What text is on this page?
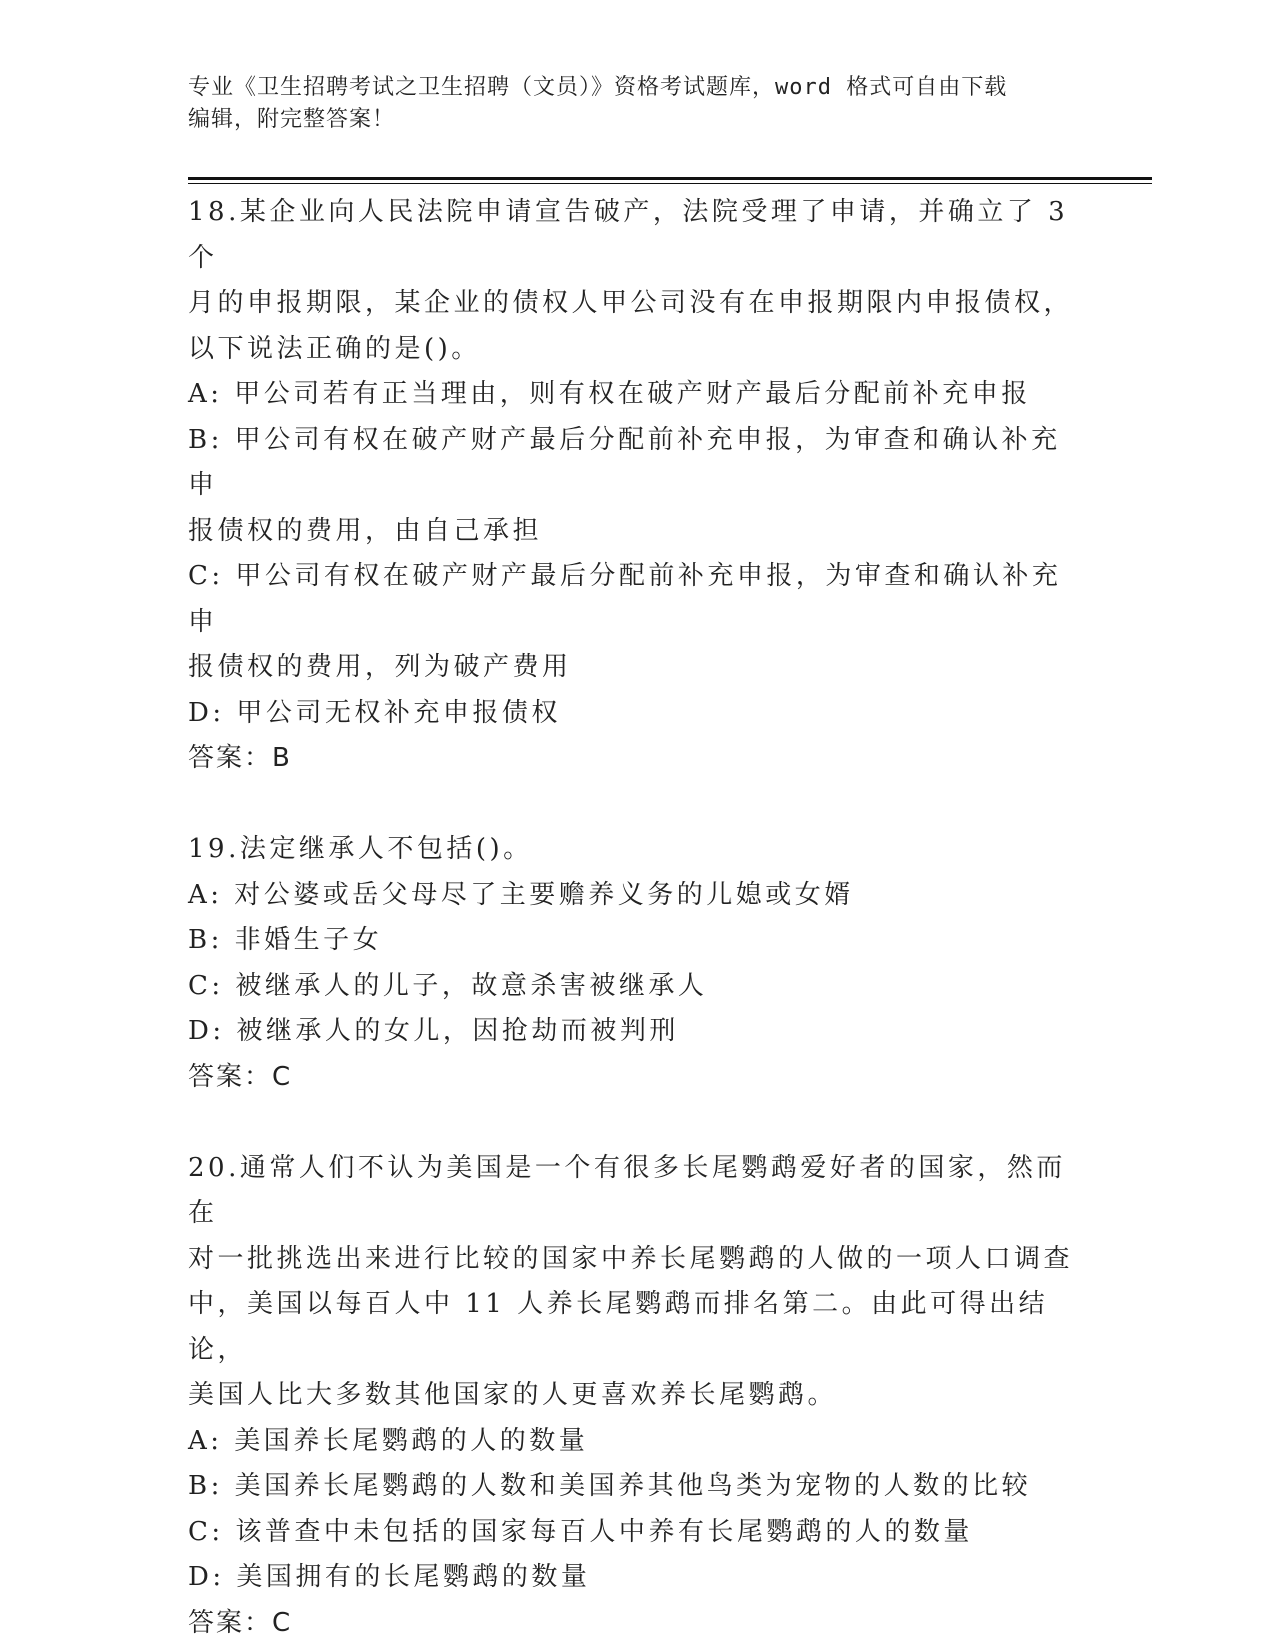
专业《卫生招聘考试之卫生招聘（文员）》资格考试题库，word 格式可自由下载
编辑，附完整答案！
18.某企业向人民法院申请宣告破产，法院受理了申请，并确立了 3 个
月的申报期限，某企业的债权人甲公司没有在申报期限内申报债权，
以下说法正确的是()。
A: 甲公司若有正当理由，则有权在破产财产最后分配前补充申报
B: 甲公司有权在破产财产最后分配前补充申报，为审查和确认补充申
报债权的费用，由自己承担
C: 甲公司有权在破产财产最后分配前补充申报，为审查和确认补充申
报债权的费用，列为破产费用
D: 甲公司无权补充申报债权
答案：B
19.法定继承人不包括()。
A: 对公婆或岳父母尽了主要赡养义务的儿媳或女婿
B: 非婚生子女
C: 被继承人的儿子，故意杀害被继承人
D: 被继承人的女儿，因抢劫而被判刑
答案：C
20.通常人们不认为美国是一个有很多长尾鹦鹉爱好者的国家，然而在
对一批挑选出来进行比较的国家中养长尾鹦鹉的人做的一项人口调查
中，美国以每百人中 11 人养长尾鹦鹉而排名第二。由此可得出结论，
美国人比大多数其他国家的人更喜欢养长尾鹦鹉。
A: 美国养长尾鹦鹉的人的数量
B: 美国养长尾鹦鹉的人数和美国养其他鸟类为宠物的人数的比较
C: 该普查中未包括的国家每百人中养有长尾鹦鹉的人的数量
D: 美国拥有的长尾鹦鹉的数量
答案：C
